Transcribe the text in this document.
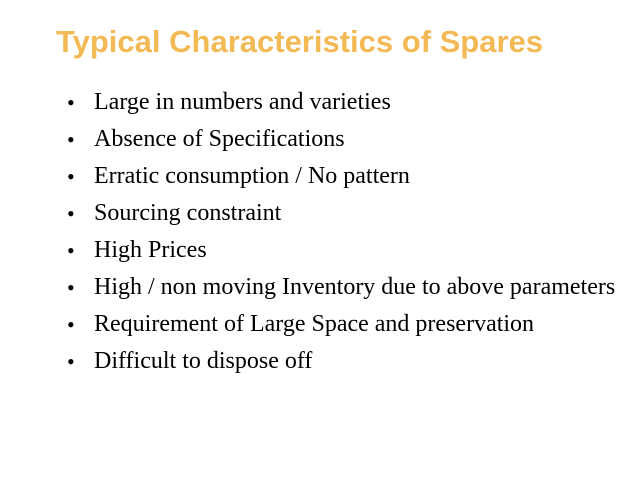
Typical Characteristics of Spares
• Large in numbers and varieties
• Absence of Specifications
• Erratic consumption / No pattern
• Sourcing constraint
• High Prices
• High / non moving Inventory due to above parameters
• Requirement of Large Space and preservation
• Difficult to dispose off
